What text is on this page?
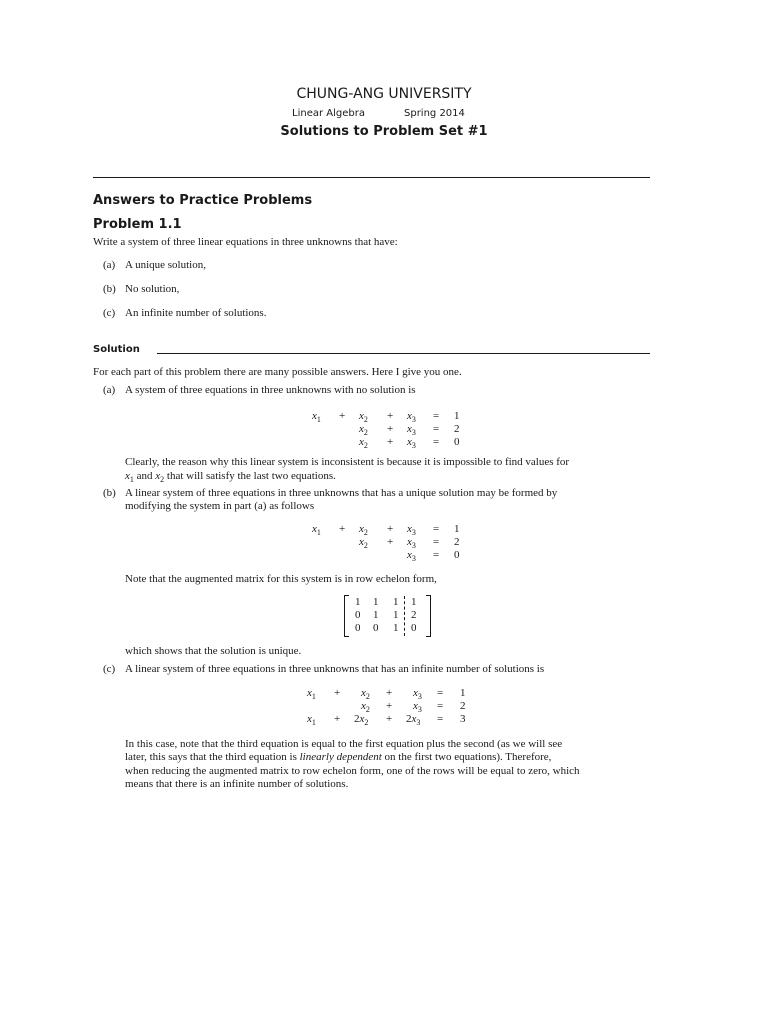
CHUNG-ANG UNIVERSITY
Linear Algebra	Spring 2014
Solutions to Problem Set #1
Answers to Practice Problems
Problem 1.1
Write a system of three linear equations in three unknowns that have:
(a) A unique solution,
(b) No solution,
(c) An infinite number of solutions.
Solution
For each part of this problem there are many possible answers. Here I give you one.
(a) A system of three equations in three unknowns with no solution is
$x_1 + x_2 + x_3 = 1$
$x_2 + x_3 = 2$
$x_2 + x_3 = 0$
Clearly, the reason why this linear system is inconsistent is because it is impossible to find values for
$x_1$ and $x_2$ that will satisfy the last two equations.
(b) A linear system of three equations in three unknowns that has a unique solution may be formed by
modifying the system in part (a) as follows
$x_1 + x_2 + x_3 = 1$
$x_2 + x_3 = 2$
$x_3 = 0$
Note that the augmented matrix for this system is in row echelon form,
1 1 1 1
0 1 1 2
0 0 1 0
which shows that the solution is unique.
(c) A linear system of three equations in three unknowns that has an infinite number of solutions is
$x_1 + x_2 + x_3 = 1$
$x_2 + x_3 = 2$
$x_1 + 2x_2 + 2x_3 = 3$
In this case, note that the third equation is equal to the first equation plus the second (as we will see
later, this says that the third equation is linearly dependent on the first two equations). Therefore,
when reducing the augmented matrix to row echelon form, one of the rows will be equal to zero, which
means that there is an infinite number of solutions.
